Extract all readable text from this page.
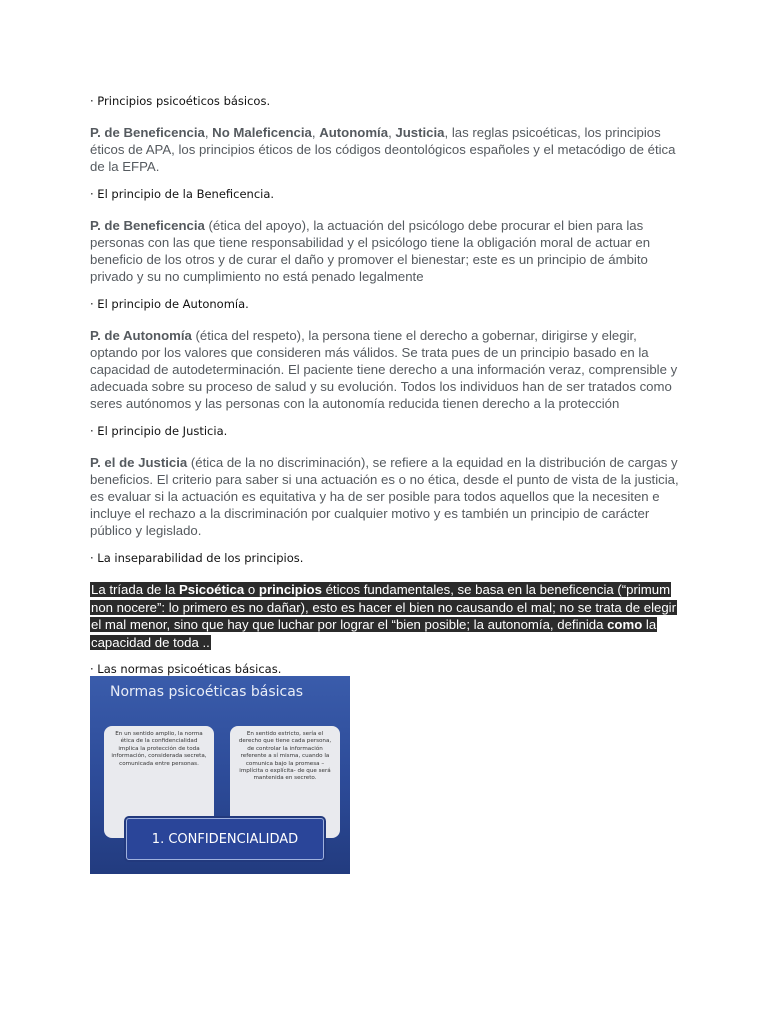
· Principios psicoéticos básicos.

P. de Beneficencia, No Maleficencia, Autonomía, Justicia, las reglas psicoéticas, los principios éticos de APA, los principios éticos de los códigos deontológicos españoles y el metacódigo de ética de la EFPA.

· El principio de la Beneficencia.

P. de Beneficencia (ética del apoyo), la actuación del psicólogo debe procurar el bien para las personas con las que tiene responsabilidad y el psicólogo tiene la obligación moral de actuar en beneficio de los otros y de curar el daño y promover el bienestar; este es un principio de ámbito privado y su no cumplimiento no está penado legalmente

· El principio de Autonomía.

P. de Autonomía (ética del respeto), la persona tiene el derecho a gobernar, dirigirse y elegir, optando por los valores que consideren más válidos. Se trata pues de un principio basado en la capacidad de autodeterminación. El paciente tiene derecho a una información veraz, comprensible y adecuada sobre su proceso de salud y su evolución. Todos los individuos han de ser tratados como seres autónomos y las personas con la autonomía reducida tienen derecho a la protección

· El principio de Justicia.

P. el de Justicia (ética de la no discriminación), se refiere a la equidad en la distribución de cargas y beneficios. El criterio para saber si una actuación es o no ética, desde el punto de vista de la justicia, es evaluar si la actuación es equitativa y ha de ser posible para todos aquellos que la necesiten e incluye el rechazo a la discriminación por cualquier motivo y es también un principio de carácter público y legislado.

· La inseparabilidad de los principios.

La tríada de la Psicoética o principios éticos fundamentales, se basa en la beneficencia (“primum non nocere”: lo primero es no dañar), esto es hacer el bien no causando el mal; no se trata de elegir el mal menor, sino que hay que luchar por lograr el “bien posible; la autonomía, definida como la capacidad de toda ..

· Las normas psicoéticas básicas.

Normas psicoéticas básicas
En un sentido amplio, la norma ética de la confidencialidad implica la protección de toda información, considerada secreta, comunicada entre personas.
En sentido estricto, sería el derecho que tiene cada persona, de controlar la información referente a sí misma, cuando la comunica bajo la promesa – implícita o explícita- de que será mantenida en secreto.
1. CONFIDENCIALIDAD
